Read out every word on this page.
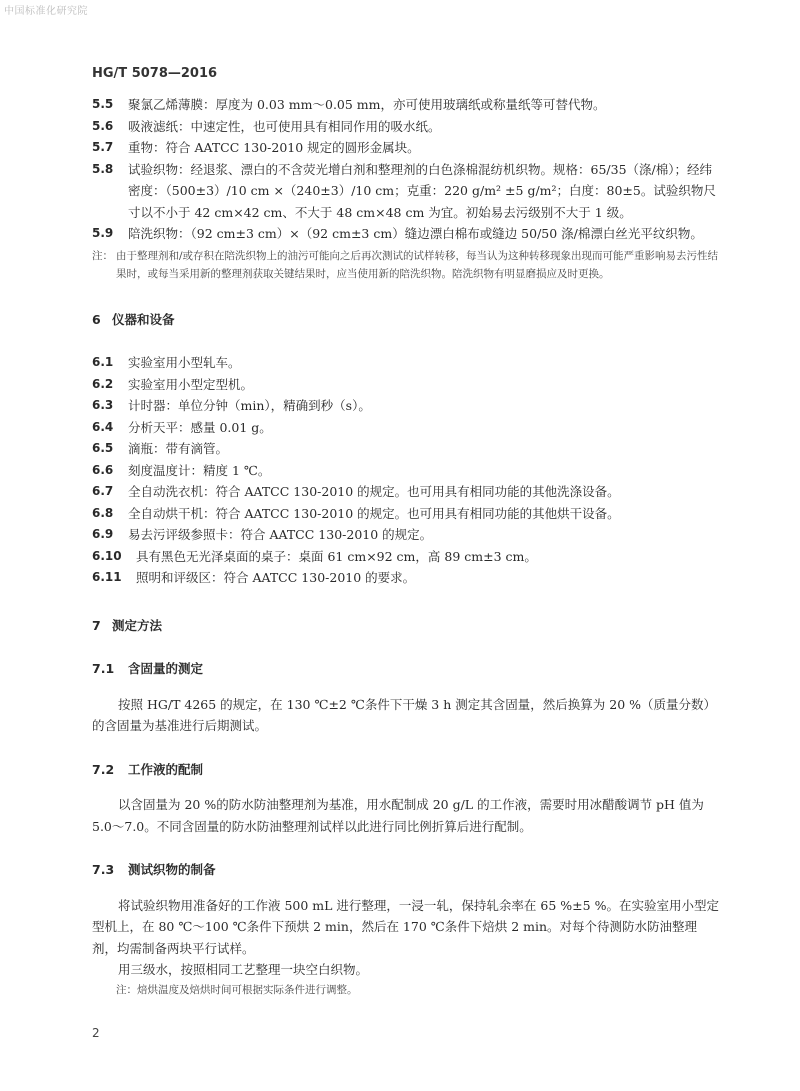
中国标准化研究院
HG/T 5078—2016

5.5 聚氯乙烯薄膜：厚度为 0.03 mm～0.05 mm，亦可使用玻璃纸或称量纸等可替代物。

5.6 吸液滤纸：中速定性，也可使用具有相同作用的吸水纸。

5.7 重物：符合 AATCC 130-2010 规定的圆形金属块。

5.8 试验织物：经退浆、漂白的不含荧光增白剂和整理剂的白色涤棉混纺机织物。规格：65/35（涤/棉）；经纬密度：（500±3）/10 cm ×（240±3）/10 cm；克重：220 g/m² ±5 g/m²；白度：80±5。试验织物尺寸以不小于 42 cm×42 cm、不大于 48 cm×48 cm 为宜。初始易去污级别不大于 1 级。

5.9 陪洗织物：（92 cm±3 cm）×（92 cm±3 cm）缝边漂白棉布或缝边 50/50 涤/棉漂白丝光平纹织物。

注： 由于整理剂和/或存积在陪洗织物上的油污可能向之后再次测试的试样转移，每当认为这种转移现象出现而可能严重影响易去污性结果时，或每当采用新的整理剂获取关键结果时，应当使用新的陪洗织物。陪洗织物有明显磨损应及时更换。

6 仪器和设备

6.1 实验室用小型轧车。

6.2 实验室用小型定型机。

6.3 计时器：单位分钟（min），精确到秒（s）。

6.4 分析天平：感量 0.01 g。

6.5 滴瓶：带有滴管。

6.6 刻度温度计：精度 1 ℃。

6.7 全自动洗衣机：符合 AATCC 130-2010 的规定。也可用具有相同功能的其他洗涤设备。

6.8 全自动烘干机：符合 AATCC 130-2010 的规定。也可用具有相同功能的其他烘干设备。

6.9 易去污评级参照卡：符合 AATCC 130-2010 的规定。

6.10 具有黑色无光泽桌面的桌子：桌面 61 cm×92 cm，高 89 cm±3 cm。

6.11 照明和评级区：符合 AATCC 130-2010 的要求。

7 测定方法

7.1 含固量的测定

按照 HG/T 4265 的规定，在 130 ℃±2 ℃条件下干燥 3 h 测定其含固量，然后换算为 20 %（质量分数）的含固量为基准进行后期测试。

7.2 工作液的配制

以含固量为 20 %的防水防油整理剂为基准，用水配制成 20 g/L 的工作液，需要时用冰醋酸调节 pH 值为 5.0～7.0。不同含固量的防水防油整理剂试样以此进行同比例折算后进行配制。

7.3 测试织物的制备

将试验织物用准备好的工作液 500 mL 进行整理，一浸一轧，保持轧余率在 65 %±5 %。在实验室用小型定型机上，在 80 ℃～100 ℃条件下预烘 2 min，然后在 170 ℃条件下焙烘 2 min。对每个待测防水防油整理剂，均需制备两块平行试样。

用三级水，按照相同工艺整理一块空白织物。

注：焙烘温度及焙烘时间可根据实际条件进行调整。

2
